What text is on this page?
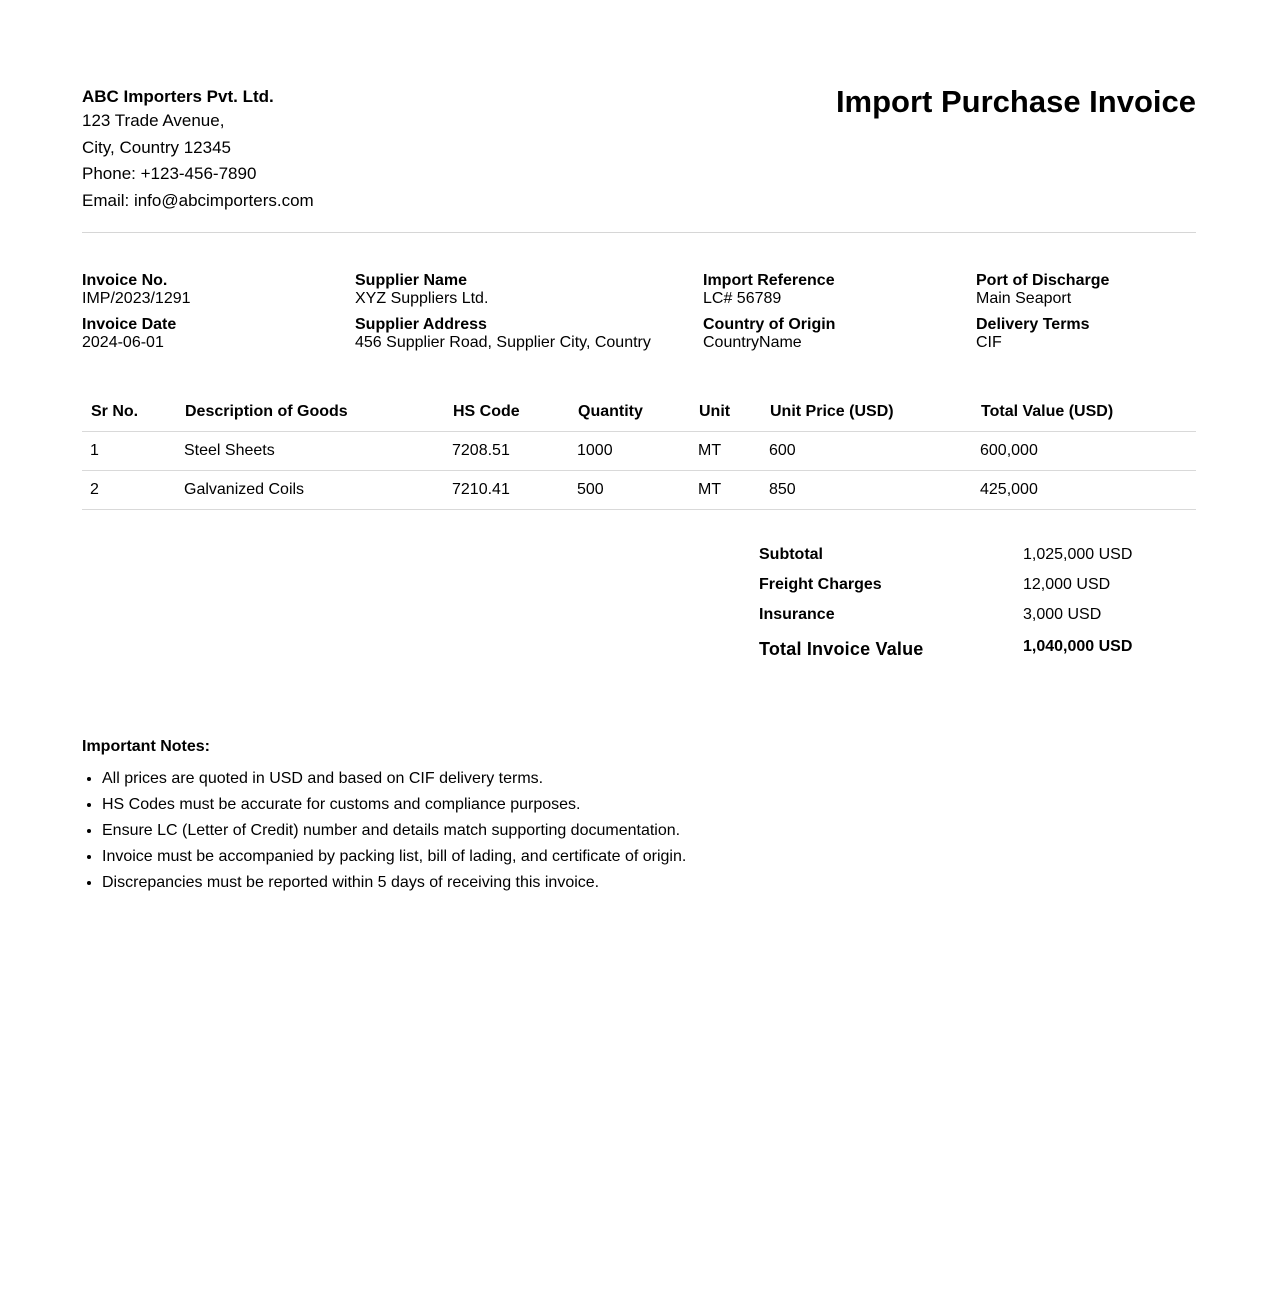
ABC Importers Pvt. Ltd.
123 Trade Avenue,
City, Country 12345
Phone: +123-456-7890
Email: info@abcimporters.com
Import Purchase Invoice
Invoice No.
IMP/2023/1291
Invoice Date
2024-06-01
Supplier Name
XYZ Suppliers Ltd.
Supplier Address
456 Supplier Road, Supplier City, Country
Import Reference
LC# 56789
Country of Origin
CountryName
Port of Discharge
Main Seaport
Delivery Terms
CIF
Sr No.	Description of Goods	HS Code	Quantity	Unit	Unit Price (USD)	Total Value (USD)
1	Steel Sheets	7208.51	1000	MT	600	600,000
2	Galvanized Coils	7210.41	500	MT	850	425,000
Subtotal	1,025,000 USD
Freight Charges	12,000 USD
Insurance	3,000 USD
Total Invoice Value	1,040,000 USD
Important Notes:
• All prices are quoted in USD and based on CIF delivery terms.
• HS Codes must be accurate for customs and compliance purposes.
• Ensure LC (Letter of Credit) number and details match supporting documentation.
• Invoice must be accompanied by packing list, bill of lading, and certificate of origin.
• Discrepancies must be reported within 5 days of receiving this invoice.
